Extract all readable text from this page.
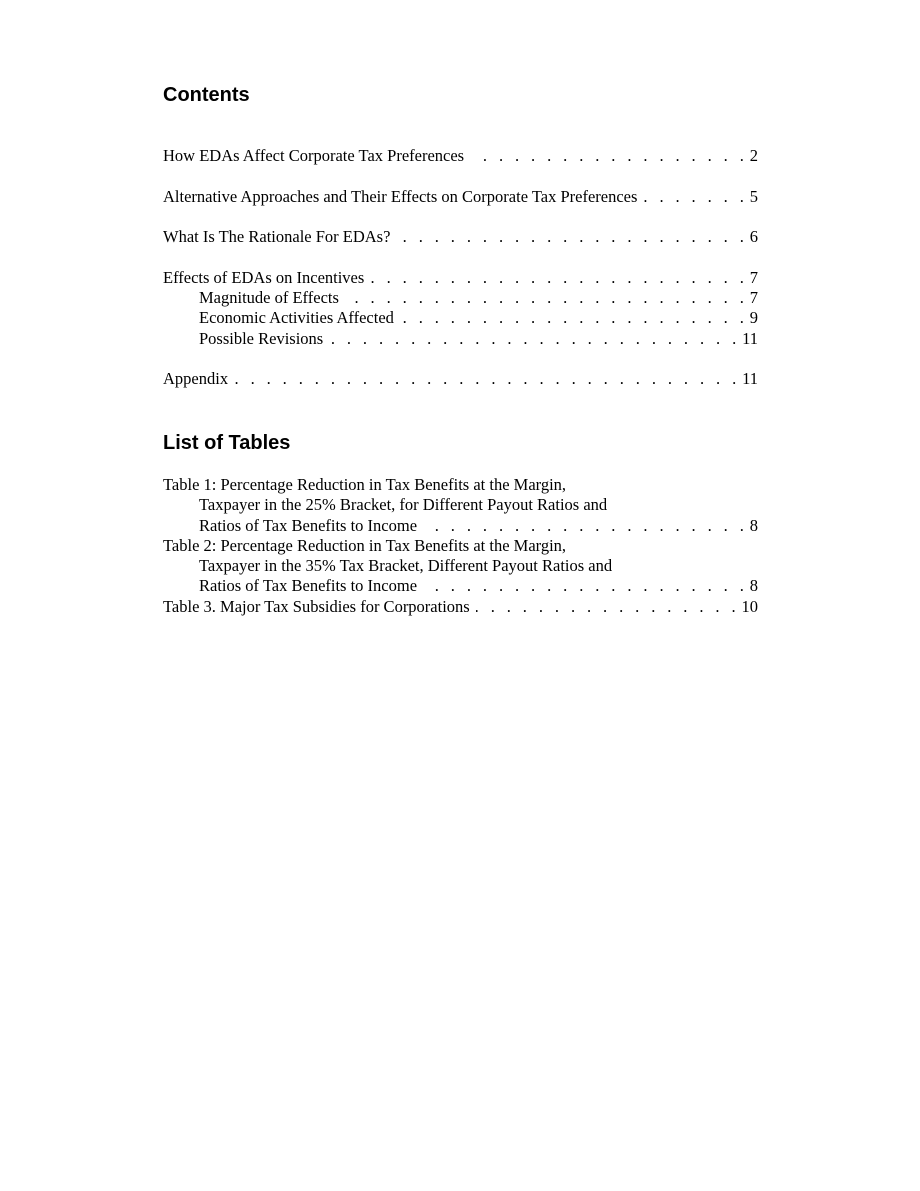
Contents
How EDAs Affect Corporate Tax Preferences . . .	2
Alternative Approaches and Their Effects on Corporate Tax Preferences . . .	5
What Is The Rationale For EDAs? . . .	6
Effects of EDAs on Incentives . . .	7
Magnitude of Effects . . .	7
Economic Activities Affected . . .	9
Possible Revisions . . .	11
Appendix . . .	11
List of Tables
Table 1: Percentage Reduction in Tax Benefits at the Margin,
Taxpayer in the 25% Bracket, for Different Payout Ratios and
Ratios of Tax Benefits to Income . . .	8
Table 2: Percentage Reduction in Tax Benefits at the Margin,
Taxpayer in the 35% Tax Bracket, Different Payout Ratios and
Ratios of Tax Benefits to Income . . .	8
Table 3. Major Tax Subsidies for Corporations . . .	10
